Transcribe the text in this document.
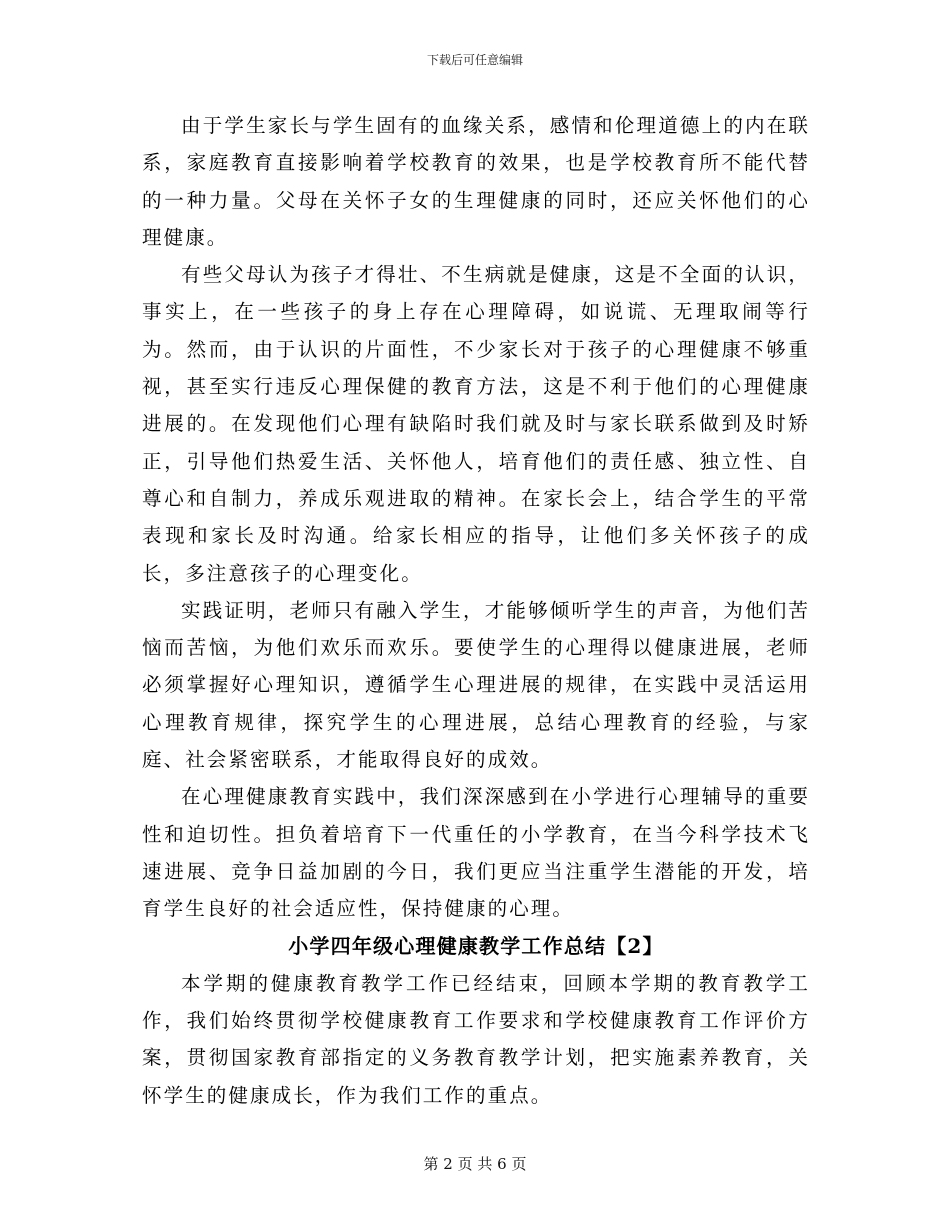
下载后可任意编辑

由于学生家长与学生固有的血缘关系，感情和伦理道德上的内在联系，家庭教育直接影响着学校教育的效果，也是学校教育所不能代替的一种力量。父母在关怀子女的生理健康的同时，还应关怀他们的心理健康。

有些父母认为孩子才得壮、不生病就是健康，这是不全面的认识，事实上，在一些孩子的身上存在心理障碍，如说谎、无理取闹等行为。然而，由于认识的片面性，不少家长对于孩子的心理健康不够重视，甚至实行违反心理保健的教育方法，这是不利于他们的心理健康进展的。在发现他们心理有缺陷时我们就及时与家长联系做到及时矫正，引导他们热爱生活、关怀他人，培育他们的责任感、独立性、自尊心和自制力，养成乐观进取的精神。在家长会上，结合学生的平常表现和家长及时沟通。给家长相应的指导，让他们多关怀孩子的成长，多注意孩子的心理变化。

实践证明，老师只有融入学生，才能够倾听学生的声音，为他们苦恼而苦恼，为他们欢乐而欢乐。要使学生的心理得以健康进展，老师必须掌握好心理知识，遵循学生心理进展的规律，在实践中灵活运用心理教育规律，探究学生的心理进展，总结心理教育的经验，与家庭、社会紧密联系，才能取得良好的成效。

在心理健康教育实践中，我们深深感到在小学进行心理辅导的重要性和迫切性。担负着培育下一代重任的小学教育，在当今科学技术飞速进展、竞争日益加剧的今日，我们更应当注重学生潜能的开发，培育学生良好的社会适应性，保持健康的心理。

小学四年级心理健康教学工作总结【2】

本学期的健康教育教学工作已经结束，回顾本学期的教育教学工作，我们始终贯彻学校健康教育工作要求和学校健康教育工作评价方案，贯彻国家教育部指定的义务教育教学计划，把实施素养教育，关怀学生的健康成长，作为我们工作的重点。

第 2 页 共 6 页
